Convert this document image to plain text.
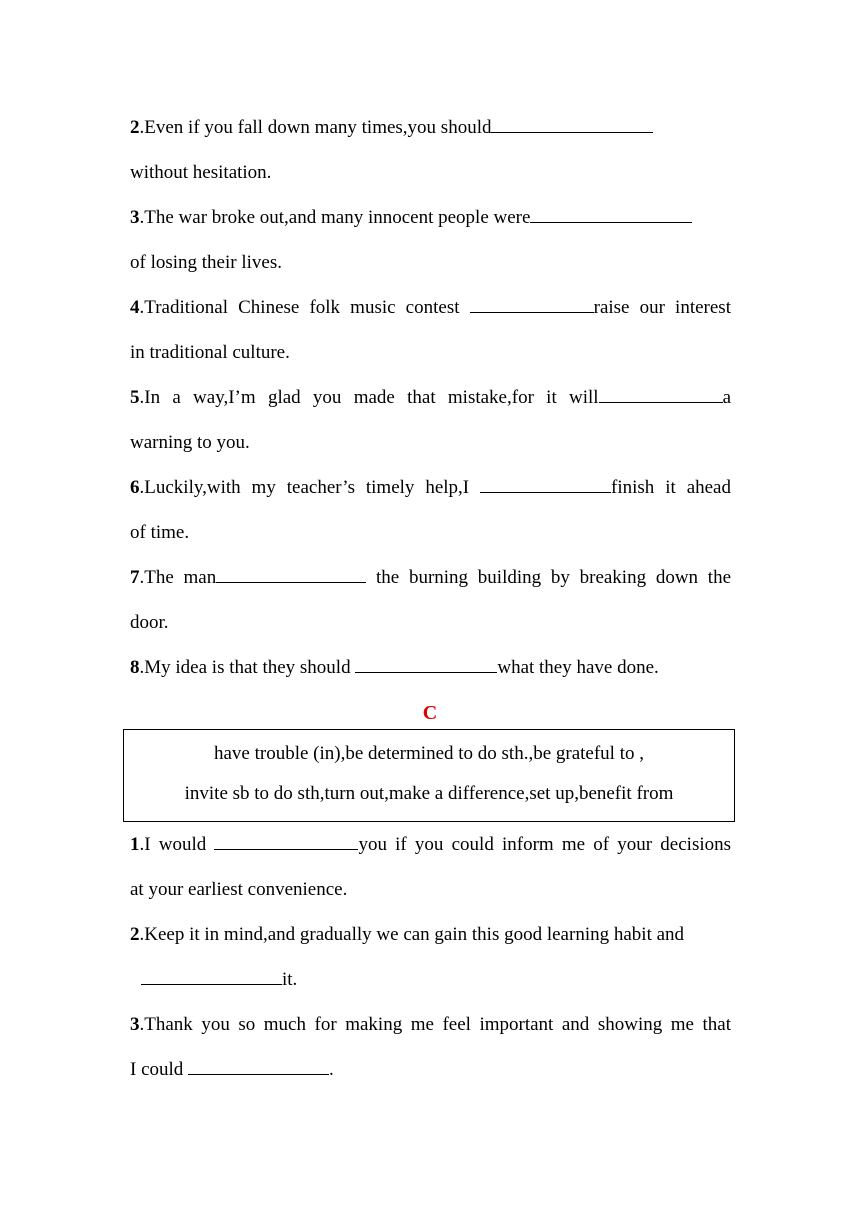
2.Even if you fall down many times,you should
without hesitation.
3.The war broke out,and many innocent people were
of losing their lives.
4.Traditional Chinese folk music contest	raise our interest
in traditional culture.
5.In a way,I’m glad you made that mistake,for it will	a
warning to you.
6.Luckily,with my teacher’s timely help,I	finish it ahead
of time.
7.The man	the burning building by breaking down the
door.
8.My idea is that they should	what they have done.
C
have trouble (in),be determined to do sth.,be grateful to ,
invite sb to do sth,turn out,make a difference,set up,benefit from
1.I would	you if you could inform me of your decisions
at your earliest convenience.
2.Keep it in mind,and gradually we can gain this good learning habit and
it.
3.Thank you so much for making me feel important and showing me that
I could	.
